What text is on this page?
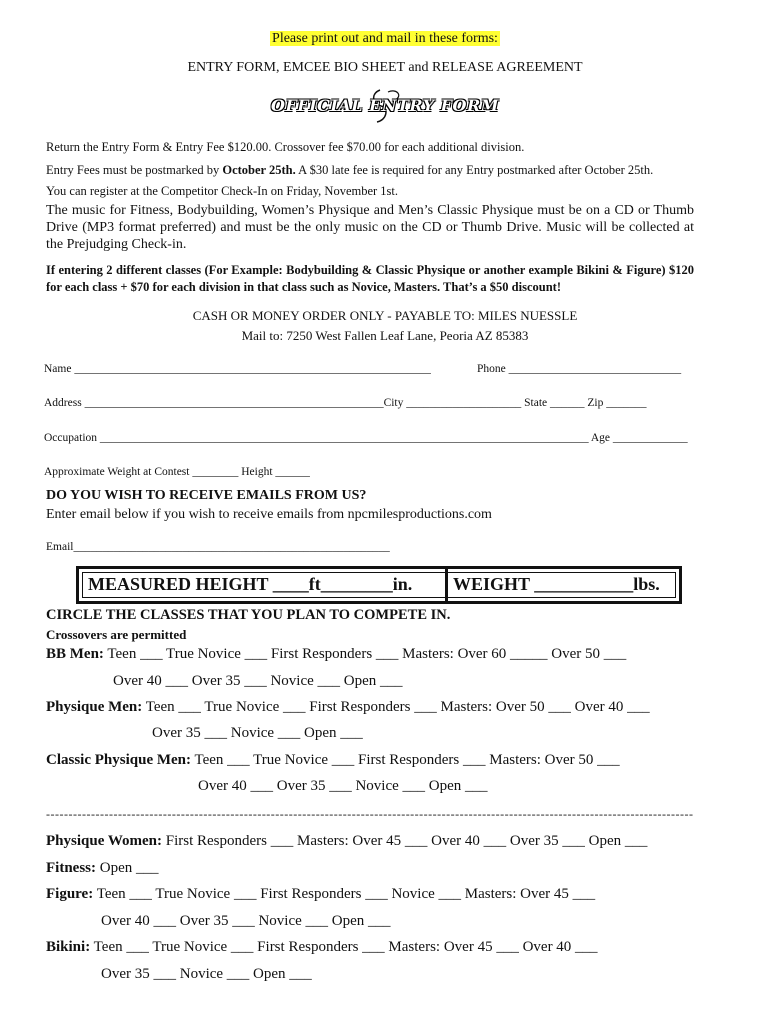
Please print out and mail in these forms:
ENTRY FORM, EMCEE BIO SHEET and RELEASE AGREEMENT
OFFICIAL ENTRY FORM
Return the Entry Form & Entry Fee $120.00. Crossover fee $70.00 for each additional division.
Entry Fees must be postmarked by October 25th. A $30 late fee is required for any Entry postmarked after October 25th.
You can register at the Competitor Check-In on Friday, November 1st.
The music for Fitness, Bodybuilding, Women’s Physique and Men’s Classic Physique must be on a CD or Thumb Drive (MP3 format preferred) and must be the only music on the CD or Thumb Drive. Music will be collected at the Prejudging Check-in.
If entering 2 different classes (For Example: Bodybuilding & Classic Physique or another example Bikini & Figure) $120 for each class + $70 for each division in that class such as Novice, Masters. That’s a $50 discount!
CASH OR MONEY ORDER ONLY - PAYABLE TO: MILES NUESSLE
Mail to: 7250 West Fallen Leaf Lane, Peoria AZ 85383
Name ______________________________________________________________	Phone ______________________________
Address ____________________________________________________City ____________________ State ______ Zip _______
Occupation _____________________________________________________________________________________ Age _____________
Approximate Weight at Contest ________ Height ______
DO YOU WISH TO RECEIVE EMAILS FROM US?
Enter email below if you wish to receive emails from npcmilesproductions.com
Email_______________________________________________________
MEASURED HEIGHT ____ft________in. WEIGHT ___________lbs.
CIRCLE THE CLASSES THAT YOU PLAN TO COMPETE IN.
Crossovers are permitted
BB Men: Teen ___ True Novice ___ First Responders ___ Masters: Over 60 _____ Over 50 ___
Over 40 ___ Over 35 ___ Novice ___ Open ___
Physique Men: Teen ___ True Novice ___ First Responders ___ Masters: Over 50 ___ Over 40 ___
Over 35 ___ Novice ___ Open ___
Classic Physique Men: Teen ___ True Novice ___ First Responders ___ Masters: Over 50 ___
Over 40 ___ Over 35 ___ Novice ___ Open ___
------------------------------------------------------------------------------------------------------------------------------------------------
Physique Women: First Responders ___ Masters: Over 45 ___ Over 40 ___ Over 35 ___ Open ___
Fitness: Open ___
Figure: Teen ___ True Novice ___ First Responders ___ Novice ___ Masters: Over 45 ___
Over 40 ___ Over 35 ___ Novice ___ Open ___
Bikini: Teen ___ True Novice ___ First Responders ___ Masters: Over 45 ___ Over 40 ___
Over 35 ___ Novice ___ Open ___
